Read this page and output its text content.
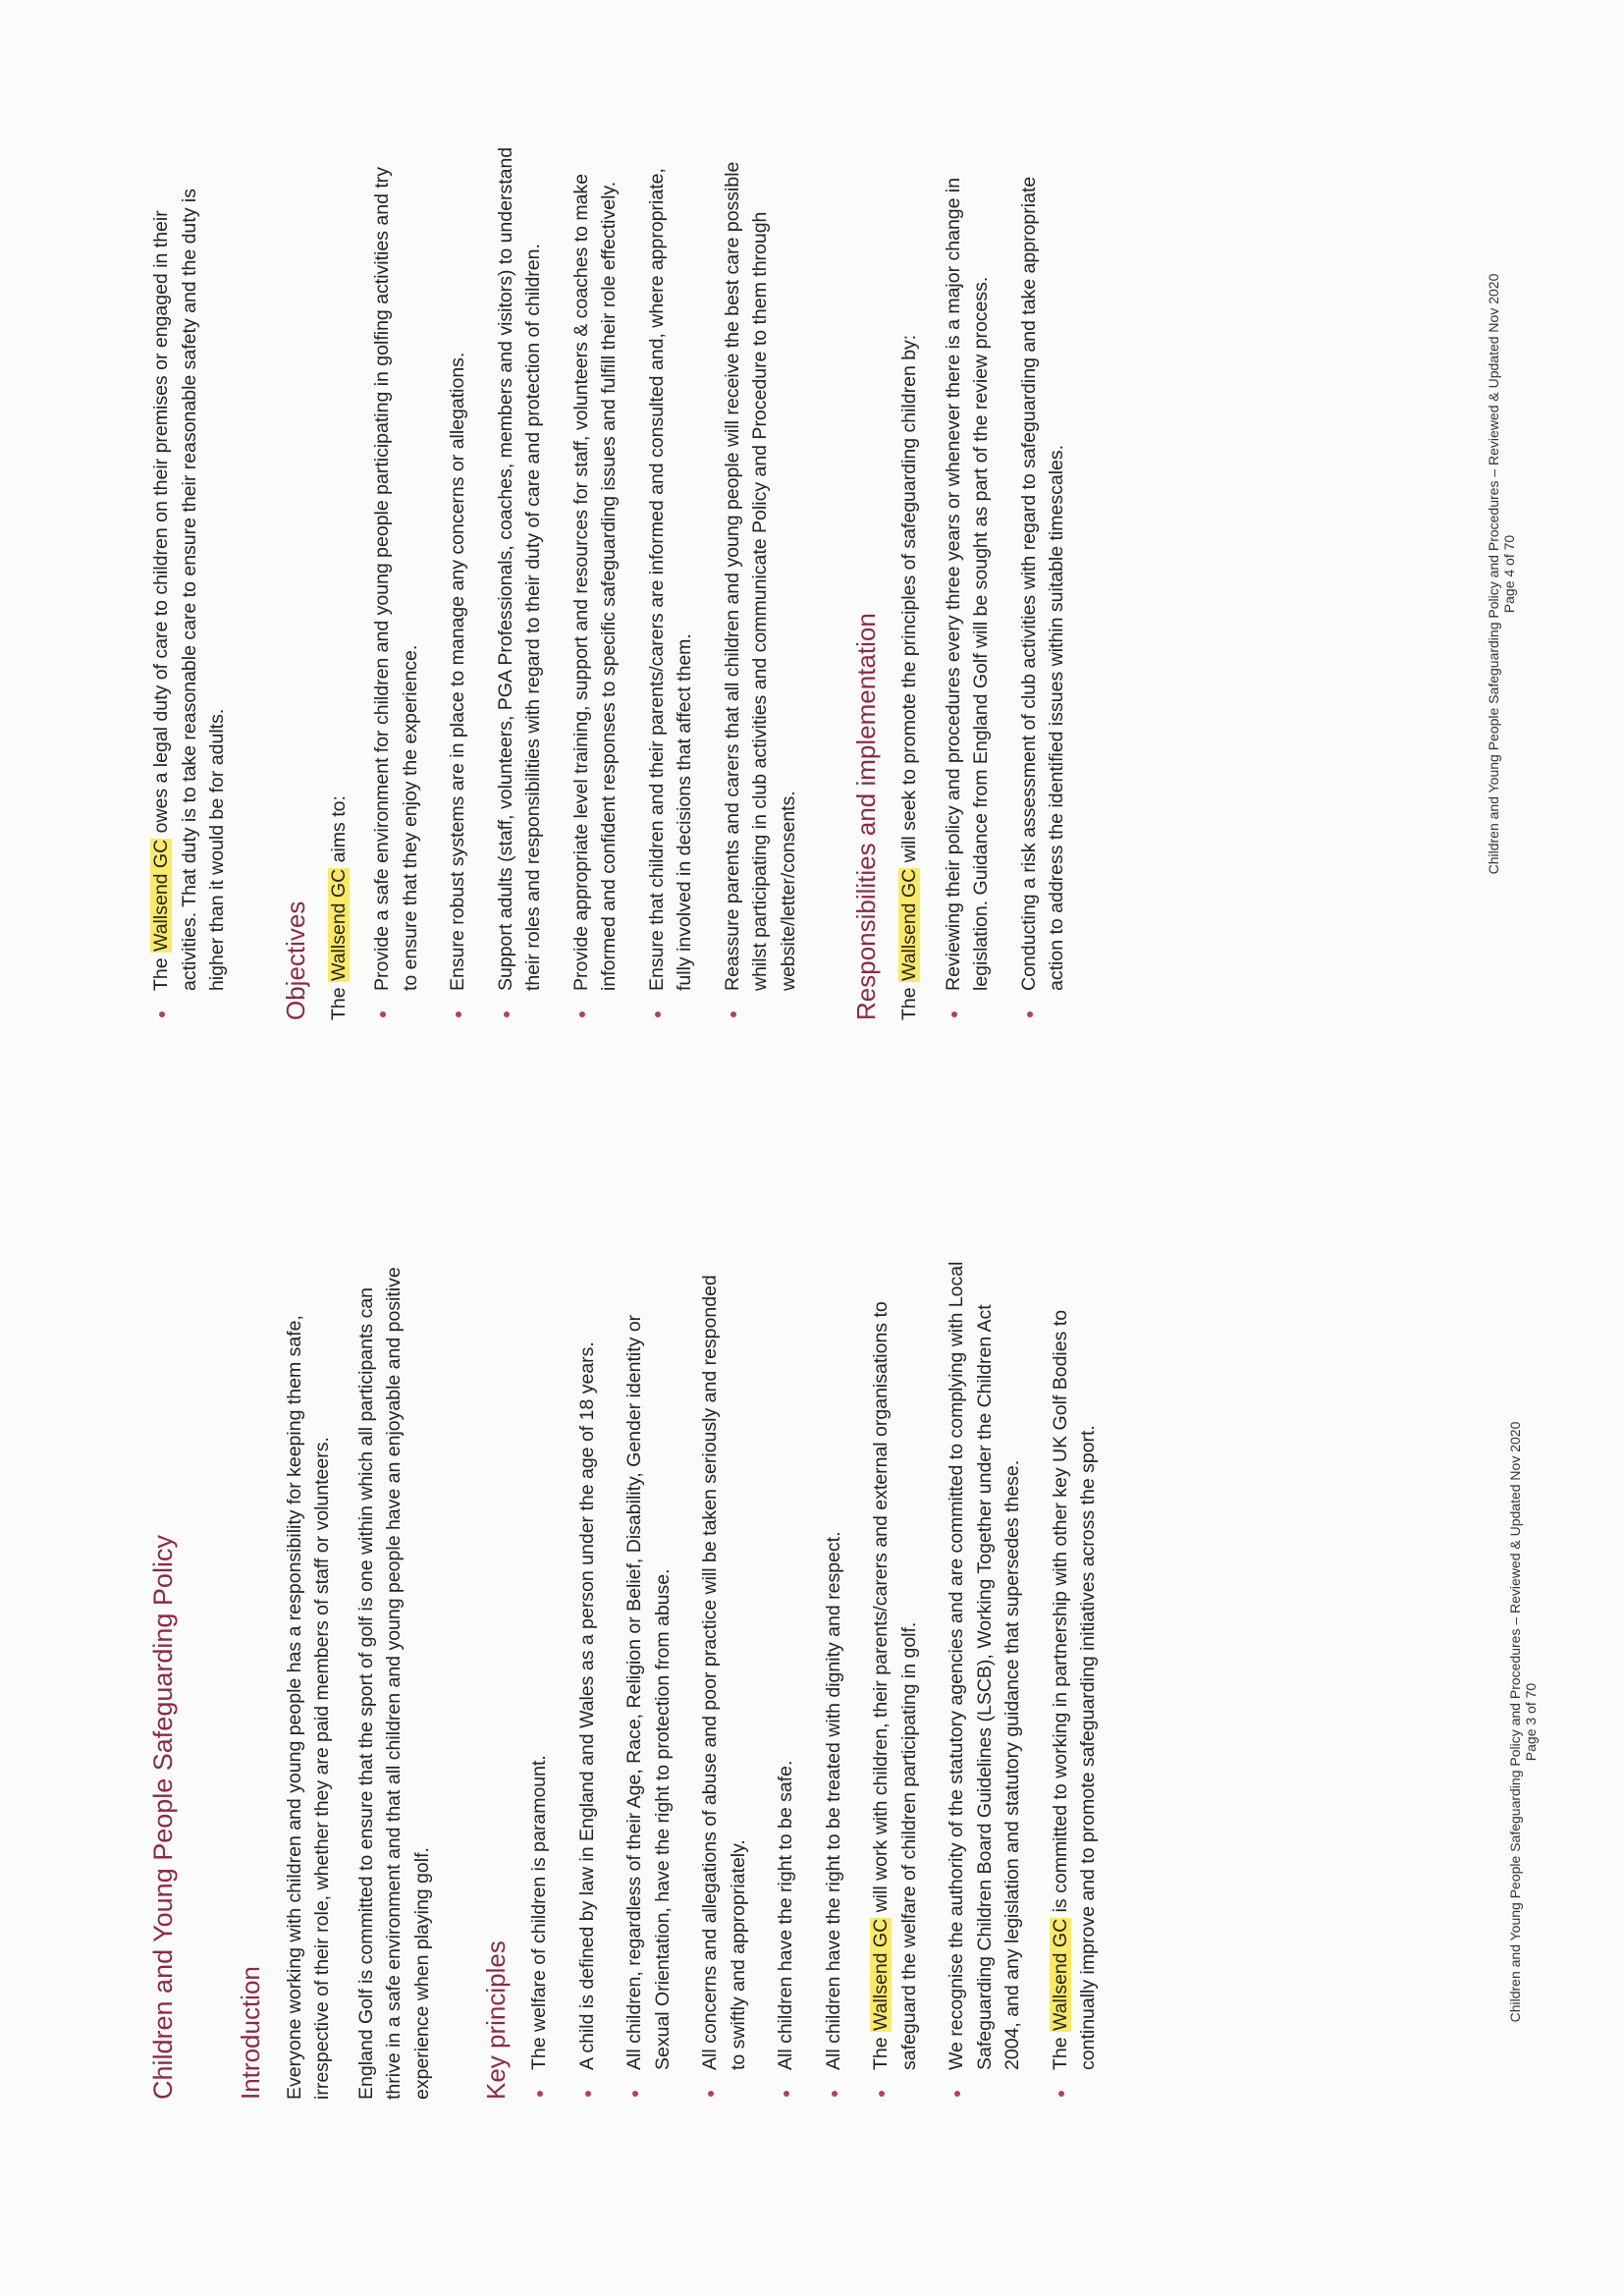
Children and Young People Safeguarding Policy Introduction Everyone working with children and young people has a responsibility for keeping them safe, irrespective of their role, whether they are paid members of staff or volunteers. England Golf is committed to ensure that the sport of golf is one within which all participants can thrive in a safe environment and that all children and young people have an enjoyable and positive experience when playing golf. Key principles The welfare of children is paramount. A child is defined by law in England and Wales as a person under the age of 18 years. All children, regardless of their Age, Race, Religion or Belief, Disability, Gender identity or Sexual Orientation, have the right to protection from abuse. All concerns and allegations of abuse and poor practice will be taken seriously and responded to swiftly and appropriately. All children have the right to be safe. All children have the right to be treated with dignity and respect. The Wallsend GC will work with children, their parents/carers and external organisations to safeguard the welfare of children participating in golf. We recognise the authority of the statutory agencies and are committed to complying with Local Safeguarding Children Board Guidelines (LSCB), Working Together under the Children Act 2004, and any legislation and statutory guidance that supersedes these. The Wallsend GC is committed to working in partnership with other key UK Golf Bodies to continually improve and to promote safeguarding initiatives across the sport.	Children and Young People Safeguarding Policy and Procedures – Reviewed & Updated Nov 2020 Page 3 of 70
The Wallsend GC owes a legal duty of care to children on their premises or engaged in their activities. That duty is to take reasonable care to ensure their reasonable safety and the duty is higher than it would be for adults. Objectives The Wallsend GC aims to: Provide a safe environment for children and young people participating in golfing activities and try to ensure that they enjoy the experience. Ensure robust systems are in place to manage any concerns or allegations. Support adults (staff, volunteers, PGA Professionals, coaches, members and visitors) to understand their roles and responsibilities with regard to their duty of care and protection of children. Provide appropriate level training, support and resources for staff, volunteers & coaches to make informed and confident responses to specific safeguarding issues and fulfill their role effectively. Ensure that children and their parents/carers are informed and consulted and, where appropriate, fully involved in decisions that affect them. Reassure parents and carers that all children and young people will receive the best care possible whilst participating in club activities and communicate Policy and Procedure to them through website/letter/consents. Responsibilities and implementation The Wallsend GC will seek to promote the principles of safeguarding children by: Reviewing their policy and procedures every three years or whenever there is a major change in legislation. Guidance from England Golf will be sought as part of the review process. Conducting a risk assessment of club activities with regard to safeguarding and take appropriate action to address the identified issues within suitable timescales.	Children and Young People Safeguarding Policy and Procedures – Reviewed & Updated Nov 2020 Page 4 of 70
